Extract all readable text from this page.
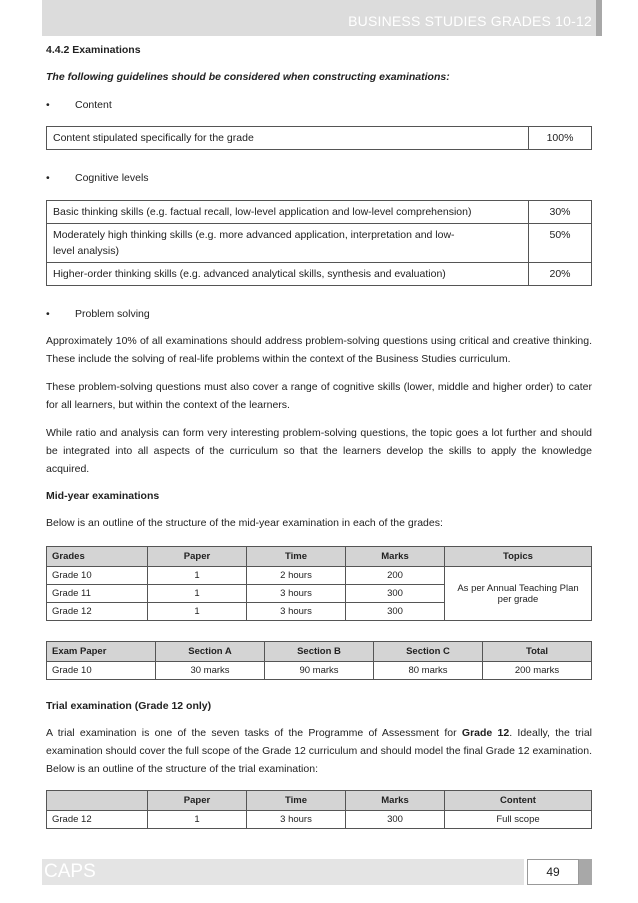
BUSINESS STUDIES GRADES 10-12
4.4.2 Examinations
The following guidelines should be considered when constructing examinations:
•	Content
Content stipulated specifically for the grade	100%
•	Cognitive levels
Basic thinking skills (e.g. factual recall, low-level application and low-level comprehension)	30%
Moderately high thinking skills (e.g. more advanced application, interpretation and low-level analysis)	50%
Higher-order thinking skills (e.g. advanced analytical skills, synthesis and evaluation)	20%
•	Problem solving
Approximately 10% of all examinations should address problem-solving questions using critical and creative thinking. These include the solving of real-life problems within the context of the Business Studies curriculum.
These problem-solving questions must also cover a range of cognitive skills (lower, middle and higher order) to cater for all learners, but within the context of the learners.
While ratio and analysis can form very interesting problem-solving questions, the topic goes a lot further and should be integrated into all aspects of the curriculum so that the learners develop the skills to apply the knowledge acquired.
Mid-year examinations
Below is an outline of the structure of the mid-year examination in each of the grades:
Grades	Paper	Time	Marks	Topics
Grade 10	1	2 hours	200	As per Annual Teaching Plan per grade
Grade 11	1	3 hours	300	
Grade 12	1	3 hours	300	
Exam Paper	Section A	Section B	Section C	Total
Grade 10	30 marks	90 marks	80 marks	200 marks
Trial examination (Grade 12 only)
A trial examination is one of the seven tasks of the Programme of Assessment for Grade 12. Ideally, the trial examination should cover the full scope of the Grade 12 curriculum and should model the final Grade 12 examination. Below is an outline of the structure of the trial examination:
	Paper	Time	Marks	Content
Grade 12	1	3 hours	300	Full scope
CAPS	49
